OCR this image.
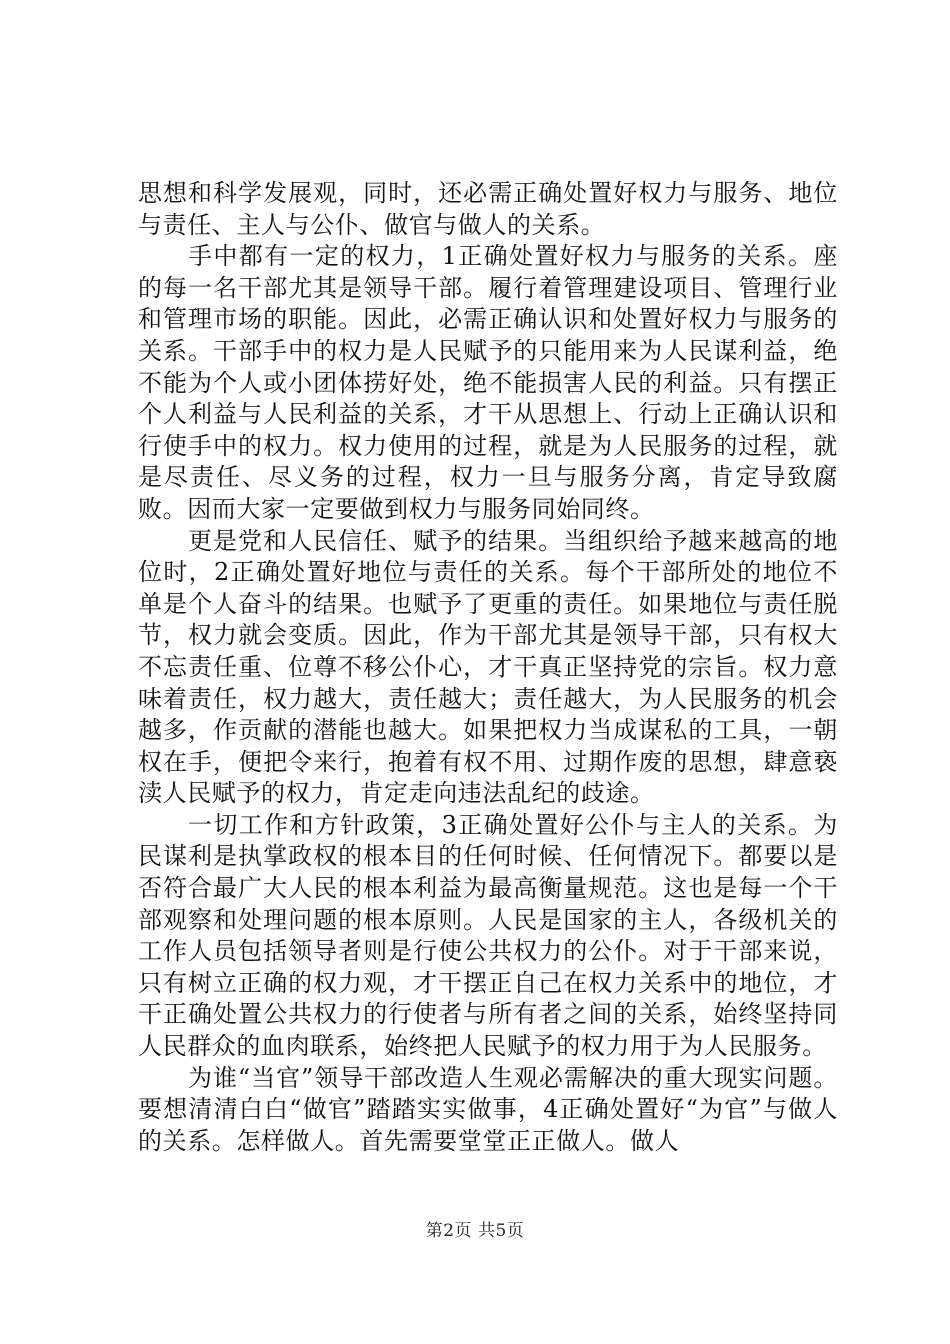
思想和科学发展观，同时，还必需正确处置好权力与服务、地位与责任、主人与公仆、做官与做人的关系。

手中都有一定的权力，1正确处置好权力与服务的关系。座的每一名干部尤其是领导干部。履行着管理建设项目、管理行业和管理市场的职能。因此，必需正确认识和处置好权力与服务的关系。干部手中的权力是人民赋予的只能用来为人民谋利益，绝不能为个人或小团体捞好处，绝不能损害人民的利益。只有摆正个人利益与人民利益的关系，才干从思想上、行动上正确认识和行使手中的权力。权力使用的过程，就是为人民服务的过程，就是尽责任、尽义务的过程，权力一旦与服务分离，肯定导致腐败。因而大家一定要做到权力与服务同始同终。

更是党和人民信任、赋予的结果。当组织给予越来越高的地位时，2正确处置好地位与责任的关系。每个干部所处的地位不单是个人奋斗的结果。也赋予了更重的责任。如果地位与责任脱节，权力就会变质。因此，作为干部尤其是领导干部，只有权大不忘责任重、位尊不移公仆心，才干真正坚持党的宗旨。权力意味着责任，权力越大，责任越大；责任越大，为人民服务的机会越多，作贡献的潜能也越大。如果把权力当成谋私的工具，一朝权在手，便把令来行，抱着有权不用、过期作废的思想，肆意亵渎人民赋予的权力，肯定走向违法乱纪的歧途。

一切工作和方针政策，3正确处置好公仆与主人的关系。为民谋利是执掌政权的根本目的任何时候、任何情况下。都要以是否符合最广大人民的根本利益为最高衡量规范。这也是每一个干部观察和处理问题的根本原则。人民是国家的主人，各级机关的工作人员包括领导者则是行使公共权力的公仆。对于干部来说，只有树立正确的权力观，才干摆正自己在权力关系中的地位，才干正确处置公共权力的行使者与所有者之间的关系，始终坚持同人民群众的血肉联系，始终把人民赋予的权力用于为人民服务。

为谁“当官”领导干部改造人生观必需解决的重大现实问题。要想清清白白“做官”踏踏实实做事，4正确处置好“为官”与做人的关系。怎样做人。首先需要堂堂正正做人。做人

第2页 共5页
